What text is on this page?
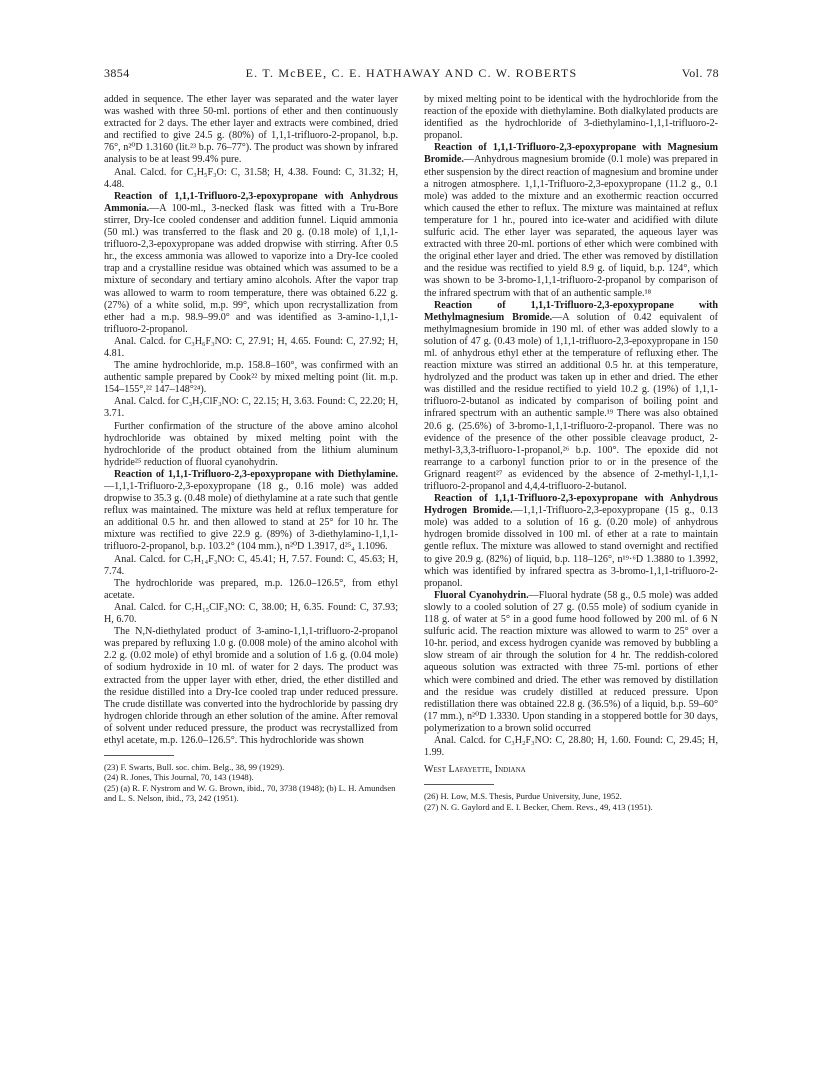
3854	E. T. McBEE, C. E. HATHAWAY AND C. W. ROBERTS	Vol. 78

added in sequence. The ether layer was separated and the water layer was washed with three 50-ml. portions of ether and then continuously extracted for 2 days. The ether layer and extracts were combined, dried and rectified to give 24.5 g. (80%) of 1,1,1-trifluoro-2-propanol, b.p. 76°, n²⁰D 1.3160 (lit.²³ b.p. 76–77°). The product was shown by infrared analysis to be at least 99.4% pure.

Anal. Calcd. for C₃H₅F₃O: C, 31.58; H, 4.38. Found: C, 31.32; H, 4.48.

Reaction of 1,1,1-Trifluoro-2,3-epoxypropane with Anhydrous Ammonia.—A 100-ml., 3-necked flask was fitted with a Tru-Bore stirrer, Dry-Ice cooled condenser and addition funnel. Liquid ammonia (50 ml.) was transferred to the flask and 20 g. (0.18 mole) of 1,1,1-trifluoro-2,3-epoxypropane was added dropwise with stirring. After 0.5 hr., the excess ammonia was allowed to vaporize into a Dry-Ice cooled trap and a crystalline residue was obtained which was assumed to be a mixture of secondary and tertiary amino alcohols. After the vapor trap was allowed to warm to room temperature, there was obtained 6.22 g. (27%) of a white solid, m.p. 99°, which upon recrystallization from ether had a m.p. 98.9–99.0° and was identified as 3-amino-1,1,1-trifluoro-2-propanol.

Anal. Calcd. for C₃H₆F₃NO: C, 27.91; H, 4.65. Found: C, 27.92; H, 4.81.

The amine hydrochloride, m.p. 158.8–160°, was confirmed with an authentic sample prepared by Cook²² by mixed melting point (lit. m.p. 154–155°,²² 147–148°²⁴).

Anal. Calcd. for C₃H₇ClF₃NO: C, 22.15; H, 3.63. Found: C, 22.20; H, 3.71.

Further confirmation of the structure of the above amino alcohol hydrochloride was obtained by mixed melting point with the hydrochloride of the product obtained from the lithium aluminum hydride²⁵ reduction of fluoral cyanohydrin.

Reaction of 1,1,1-Trifluoro-2,3-epoxypropane with Diethylamine.—1,1,1-Trifluoro-2,3-epoxypropane (18 g., 0.16 mole) was added dropwise to 35.3 g. (0.48 mole) of diethylamine at a rate such that gentle reflux was maintained. The mixture was held at reflux temperature for an additional 0.5 hr. and then allowed to stand at 25° for 10 hr. The mixture was rectified to give 22.9 g. (89%) of 3-diethylamino-1,1,1-trifluoro-2-propanol, b.p. 103.2° (104 mm.), n²⁰D 1.3917, d²⁵₄ 1.1096.

Anal. Calcd. for C₇H₁₄F₃NO: C, 45.41; H, 7.57. Found: C, 45.63; H, 7.74.

The hydrochloride was prepared, m.p. 126.0–126.5°, from ethyl acetate.

Anal. Calcd. for C₇H₁₅ClF₃NO: C, 38.00; H, 6.35. Found: C, 37.93; H, 6.70.

The N,N-diethylated product of 3-amino-1,1,1-trifluoro-2-propanol was prepared by refluxing 1.0 g. (0.008 mole) of the amino alcohol with 2.2 g. (0.02 mole) of ethyl bromide and a solution of 1.6 g. (0.04 mole) of sodium hydroxide in 10 ml. of water for 2 days. The product was extracted from the upper layer with ether, dried, the ether distilled and the residue distilled into a Dry-Ice cooled trap under reduced pressure. The crude distillate was converted into the hydrochloride by passing dry hydrogen chloride through an ether solution of the amine. After removal of solvent under reduced pressure, the product was recrystallized from ethyl acetate, m.p. 126.0–126.5°. This hydrochloride was shown

(23) F. Swarts, Bull. soc. chim. Belg., 38, 99 (1929).

(24) R. Jones, This Journal, 70, 143 (1948).

(25) (a) R. F. Nystrom and W. G. Brown, ibid., 70, 3738 (1948); (b) L. H. Amundsen and L. S. Nelson, ibid., 73, 242 (1951).

by mixed melting point to be identical with the hydrochloride from the reaction of the epoxide with diethylamine. Both dialkylated products are identified as the hydrochloride of 3-diethylamino-1,1,1-trifluoro-2-propanol.

Reaction of 1,1,1-Trifluoro-2,3-epoxypropane with Magnesium Bromide.—Anhydrous magnesium bromide (0.1 mole) was prepared in ether suspension by the direct reaction of magnesium and bromine under a nitrogen atmosphere. 1,1,1-Trifluoro-2,3-epoxypropane (11.2 g., 0.1 mole) was added to the mixture and an exothermic reaction occurred which caused the ether to reflux. The mixture was maintained at reflux temperature for 1 hr., poured into ice-water and acidified with dilute sulfuric acid. The ether layer was separated, the aqueous layer was extracted with three 20-ml. portions of ether which were combined with the original ether layer and dried. The ether was removed by distillation and the residue was rectified to yield 8.9 g. of liquid, b.p. 124°, which was shown to be 3-bromo-1,1,1-trifluoro-2-propanol by comparison of the infrared spectrum with that of an authentic sample.¹⁸

Reaction of 1,1,1-Trifluoro-2,3-epoxypropane with Methylmagnesium Bromide.—A solution of 0.42 equivalent of methylmagnesium bromide in 190 ml. of ether was added slowly to a solution of 47 g. (0.43 mole) of 1,1,1-trifluoro-2,3-epoxypropane in 150 ml. of anhydrous ethyl ether at the temperature of refluxing ether. The reaction mixture was stirred an additional 0.5 hr. at this temperature, hydrolyzed and the product was taken up in ether and dried. The ether was distilled and the residue rectified to yield 10.2 g. (19%) of 1,1,1-trifluoro-2-butanol as indicated by comparison of boiling point and infrared spectrum with an authentic sample.¹⁹ There was also obtained 20.6 g. (25.6%) of 3-bromo-1,1,1-trifluoro-2-propanol. There was no evidence of the presence of the other possible cleavage product, 2-methyl-3,3,3-trifluoro-1-propanol,²⁶ b.p. 100°. The epoxide did not rearrange to a carbonyl function prior to or in the presence of the Grignard reagent²⁷ as evidenced by the absence of 2-methyl-1,1,1-trifluoro-2-propanol and 4,4,4-trifluoro-2-butanol.

Reaction of 1,1,1-Trifluoro-2,3-epoxypropane with Anhydrous Hydrogen Bromide.—1,1,1-Trifluoro-2,3-epoxypropane (15 g., 0.13 mole) was added to a solution of 16 g. (0.20 mole) of anhydrous hydrogen bromide dissolved in 100 ml. of ether at a rate to maintain gentle reflux. The mixture was allowed to stand overnight and rectified to give 20.9 g. (82%) of liquid, b.p. 118–126°, n¹⁹·⁶D 1.3880 to 1.3992, which was identified by infrared spectra as 3-bromo-1,1,1-trifluoro-2-propanol.

Fluoral Cyanohydrin.—Fluoral hydrate (58 g., 0.5 mole) was added slowly to a cooled solution of 27 g. (0.55 mole) of sodium cyanide in 118 g. of water at 5° in a good fume hood followed by 200 ml. of 6 N sulfuric acid. The reaction mixture was allowed to warm to 25° over a 10-hr. period, and excess hydrogen cyanide was removed by bubbling a slow stream of air through the solution for 4 hr. The reddish-colored aqueous solution was extracted with three 75-ml. portions of ether which were combined and dried. The ether was removed by distillation and the residue was crudely distilled at reduced pressure. Upon redistillation there was obtained 22.8 g. (36.5%) of a liquid, b.p. 59–60° (17 mm.), n²⁰D 1.3330. Upon standing in a stoppered bottle for 30 days, polymerization to a brown solid occurred

Anal. Calcd. for C₃H₂F₃NO: C, 28.80; H, 1.60. Found: C, 29.45; H, 1.99.

West Lafayette, Indiana

(26) H. Low, M.S. Thesis, Purdue University, June, 1952.

(27) N. G. Gaylord and E. I. Becker, Chem. Revs., 49, 413 (1951).
